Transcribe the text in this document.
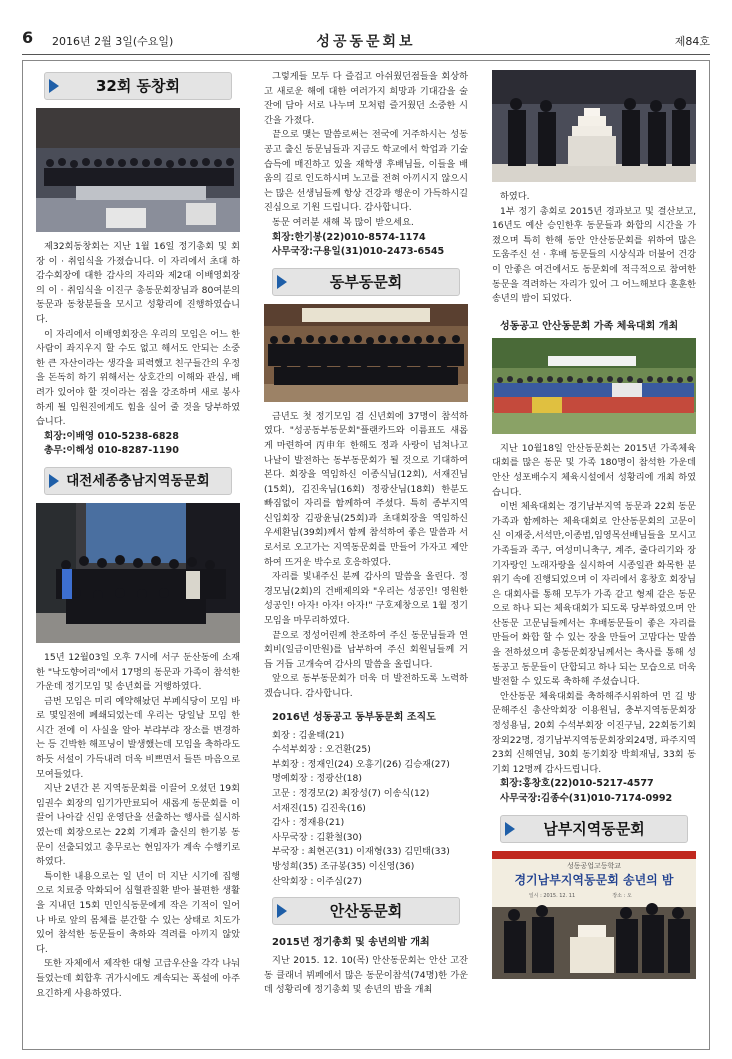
6 2016년 2월 3일(수요일)	성공동문회보	제84호
32회 동창회

제32회동창회는 지난 1월 16일 정기총회 및 회장 이 · 취임식을 가졌습니다. 이 자리에서 초대 하감수회장에 대한 감사의 자리와 제2대 이배영회장의 이 · 취임식을 이진구 총동문회장님과 80여분의 동문과 동창분들을 모시고 성황리에 진행하였습니다.

이 자리에서 이배영회장은 우리의 모임은 어느 한 사람이 좌지우지 할 수도 없고 해서도 안되는 소중한 큰 자산이라는 생각을 피력했고 친구들간의 우정을 돈독히 하기 위해서는 상호간의 이해와 관심, 배려가 있어야 할 것이라는 점을 강조하며 새로 봉사하게 될 임원진에게도 힘을 실어 줄 것을 당부하였습니다.

회장:이배영 010-5238-6828
총무:이해성 010-8287-1190
대전세종충남지역동문회

15년 12월03일 오후 7시에 서구 둔산동에 소재한 "낙도향어리"에서 17명의 동문과 가족이 참석한 가운데 정기모임 및 송년회를 거행하였다.

금번 모임은 미리 예약해놨던 부페식당이 모임 바로 몇일전에 폐쇄되었는데 우리는 당일날 모임 한 시간 전에 이 사실을 알아 부랴부랴 장소를 변경하는 등 긴박한 해프닝이 발생했는데 모임을 축하라도 하듯 서설이 가득내려 더욱 비쁘면서 들뜬 마음으로 모여들었다.

지난 2년간 본 지역동문회를 이끌어 오셨던 19회 임권수 회장의 임기가만료되어 새롭게 동문회를 이끌어 나아갈 신임 운영단을 선출하는 행사를 실시하였는데 회장으로는 22회 기계과 출신의 한기봉 동문이 선출되었고 총무로는 현임자가 계속 수행키로 하였다.

특이한 내용으로는 일 년이 더 지난 시기에 집행으로 치료중 악화되어 심혈관질환 받아 불편한 생활을 지내던 15회 민인식동문에게 작은 기적이 일어나 바로 앞의 몸체를 분간할 수 있는 상태로 치도가 있어 참석한 동문들이 축하와 격려를 아끼지 않았다.

또한 자체에서 제작한 대형 고급우산을 각각 나눠들었는데 회합후 귀가시에도 계속되는 폭설에 아주 요긴하게 사용하였다.

그렇게들 모두 다 즐겁고 아쉬웠던점들을 회상하고 새로운 해에 대한 여러가지 희망과 기대감을 술잔에 담아 서로 나누며 모처럼 즐거웠던 소중한 시간을 가졌다.

끝으로 맺는 말씀로써는 전국에 거주하시는 성동공고 출신 동문님들과 지금도 학교에서 학업과 기술습득에 매진하고 있을 재학생 후배님들, 이들을 배움의 길로 인도하시며 노고를 전혀 아끼시지 않으시는 많은 선생님들께 항상 건강과 행운이 가득하시길 진심으로 기원 드립니다. 감사합니다.

동문 여러분 새해 복 많이 받으세요.

회장:한기봉(22)010-8574-1174
사무국장:구용일(31)010-2473-6545
동부동문회

금년도 첫 정기모임 겸 신년회에 37명이 참석하였다. "성공동부동문회"플랜카드와 이름표도 새롭게 마련하여 丙申年 한해도 정과 사랑이 넘쳐나고 나날이 발전하는 동부동문회가 될 것으로 기대하여 본다. 회장을 역임하신 이종식님(12회), 서재진님(15회), 김진욱님(16회) 정광산님(18회) 한분도 빠짐없이 자리를 함께하여 주셨다. 특히 종부지역 신입회장 김광윤님(25회)과 초대회장을 역임하신 우세환님(39회)께서 함께 참석하여 좋은 말씀과 서로서로 오고가는 지역동문회를 만들어 가자고 제안하여 뜨거운 박수로 호응하였다.

자리를 빛내주신 분께 감사의 말씀을 올린다. 정경모님(2회)의 건배제의와 "우리는 성공인! 영원한 성공인! 아자! 아자! 아자!" 구호제창으로 1월 정기모임을 마무리하였다.

끝으로 정성어린께 찬조하여 주신 동문님들과 연회비(일금이만원)를 납부하여 주신 회원님들께 거듭 거듭 고개숙여 감사의 말씀을 올립니다.

앞으로 동부동문회가 더욱 더 발전하도록 노력하겠습니다. 감사합니다.

2016년 성동공고 동부동문회 조직도
회장 : 김윤태(21)
수석부회장 : 오건환(25)
부회장 : 정재인(24) 오흥기(26) 김승재(27)
명예회장 : 정광산(18)
고문 : 정경모(2) 최장성(7) 이송식(12)
서재진(15) 김진욱(16)
감사 : 정재용(21)
사무국장 : 김환철(30)
부국장 : 최현곤(31) 이재형(33) 김민태(33)
방성희(35) 조규봉(35) 이신영(36)
산악회장 : 이주심(27)
안산동문회
2015년 정기총회 및 송년의밤 개최

지난 2015. 12. 10(목) 안산동문회는 안산 고잔동 클래너 뷔페에서 많은 동문이참석(74명)한 가운데 성황리에 정기총회 및 송년의 밤을 개최

하였다.

1부 정기 총회로 2015년 경과보고 및 결산보고,16년도 예산 승인한후 동문들과 화합의 시간을 가졌으며 특히 한해 동안 안산동문회를 위하여 많은 도움주신 선 · 후배 동문들의 시상식과 더불어 건강이 안좋은 여건에서도 동문회에 적극적으로 참여한 동문을 격려하는 자리가 있어 그 어느해보다 훈훈한 송년의 밤이 되었다.

성동공고 안산동문회 가족 체육대회 개최

지난 10월18일 안산동문회는 2015년 가족체육대회를 많은 동문 및 가족 180명이 참석한 가운데 안산 성포배수지 체육시설에서 성황리에 개최 하였습니다.

이번 체육대회는 경기남부지역 동문과 22회 동문가족과 함께하는 체육대회로 안산동문회의 고문이신 이재중,서석만,이종범,임영목선배님들을 모시고 가족들과 족구, 여성미니축구, 계주, 줄다리기와 장기자랑인 노래자랑을 실시하여 시종일관 화목한 분위기 속에 진행되었으며 이 자리에서 홍창호 회장님은 대회사를 통해 모두가 가족 같고 형제 같은 동문으로 하나 되는 체육대회가 되도록 당부하였으며 안산동문 고문님들께서는 후배동문들이 좋은 자리를 만들어 화합 할 수 있는 장을 만들어 고맙다는 말씀을 전하셨으며 총동문회장님께서는 축사를 통해 성동공고 동문들이 단합되고 하나 되는 모습으로 더욱 발전할 수 있도록 축하해 주셨습니다.

안산동문 체육대회를 축하해주시위하여 먼 길 방문해주신 총산악회장 이용원님, 충부지역동문회장 정성용님, 20회 수석부회장 이진구님, 22회동기회장외22명, 경기남부지역동문회장외24명, 파주지역 23회 신해연님, 30회 동기회장 박희재님, 33회 동기회 12명께 감사드립니다.

회장:홍창호(22)010-5217-4577
사무국장:김종수(31)010-7174-0992
남부지역동문회
성동공업고등학교
경기남부지역동문회 송년의 밤
일시 : 2015. 12. 11	장소 : 오
